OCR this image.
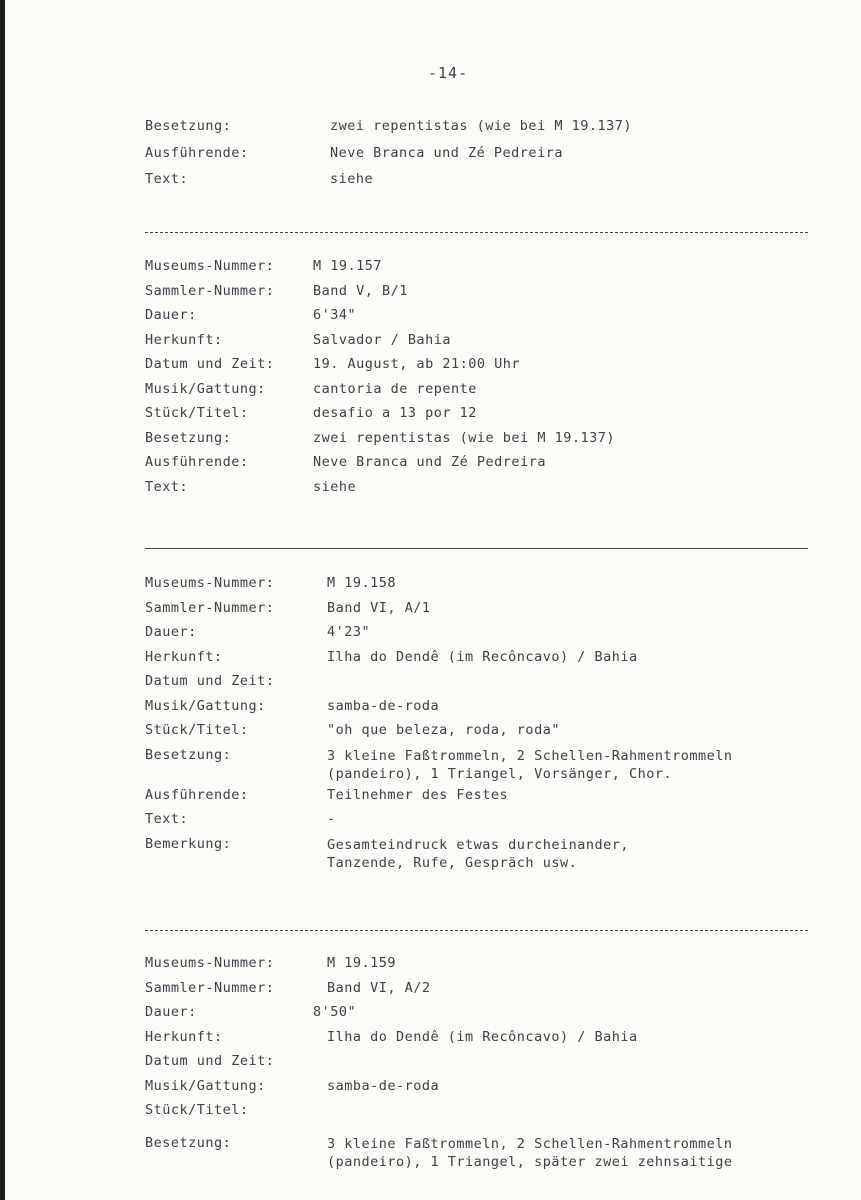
-14-
Besetzung:	zwei repentistas (wie bei M 19.137)
Ausführende:	Neve Branca und Zé Pedreira
Text:	siehe
Museums-Nummer:	M 19.157
Sammler-Nummer:	Band V, B/1
Dauer:	6'34"
Herkunft:	Salvador / Bahia
Datum und Zeit:	19. August, ab 21:00 Uhr
Musik/Gattung:	cantoria de repente
Stück/Titel:	desafio a 13 por 12
Besetzung:	zwei repentistas (wie bei M 19.137)
Ausführende:	Neve Branca und Zé Pedreira
Text:	siehe
Museums-Nummer:	M 19.158
Sammler-Nummer:	Band VI, A/1
Dauer:	4'23"
Herkunft:	Ilha do Dendê (im Recôncavo) / Bahia
Datum und Zeit:
Musik/Gattung:	samba-de-roda
Stück/Titel:	"oh que beleza, roda, roda"
Besetzung:	3 kleine Faßtrommeln, 2 Schellen-Rahmentrommeln
(pandeiro), 1 Triangel, Vorsänger, Chor.
Ausführende:	Teilnehmer des Festes
Text:	-
Bemerkung:	Gesamteindruck etwas durcheinander,
Tanzende, Rufe, Gespräch usw.
Museums-Nummer:	M 19.159
Sammler-Nummer:	Band VI, A/2
Dauer:	8'50"
Herkunft:	Ilha do Dendê (im Recôncavo) / Bahia
Datum und Zeit:
Musik/Gattung:	samba-de-roda
Stück/Titel:
Besetzung:	3 kleine Faßtrommeln, 2 Schellen-Rahmentrommeln
(pandeiro), 1 Triangel, später zwei zehnsaitige
